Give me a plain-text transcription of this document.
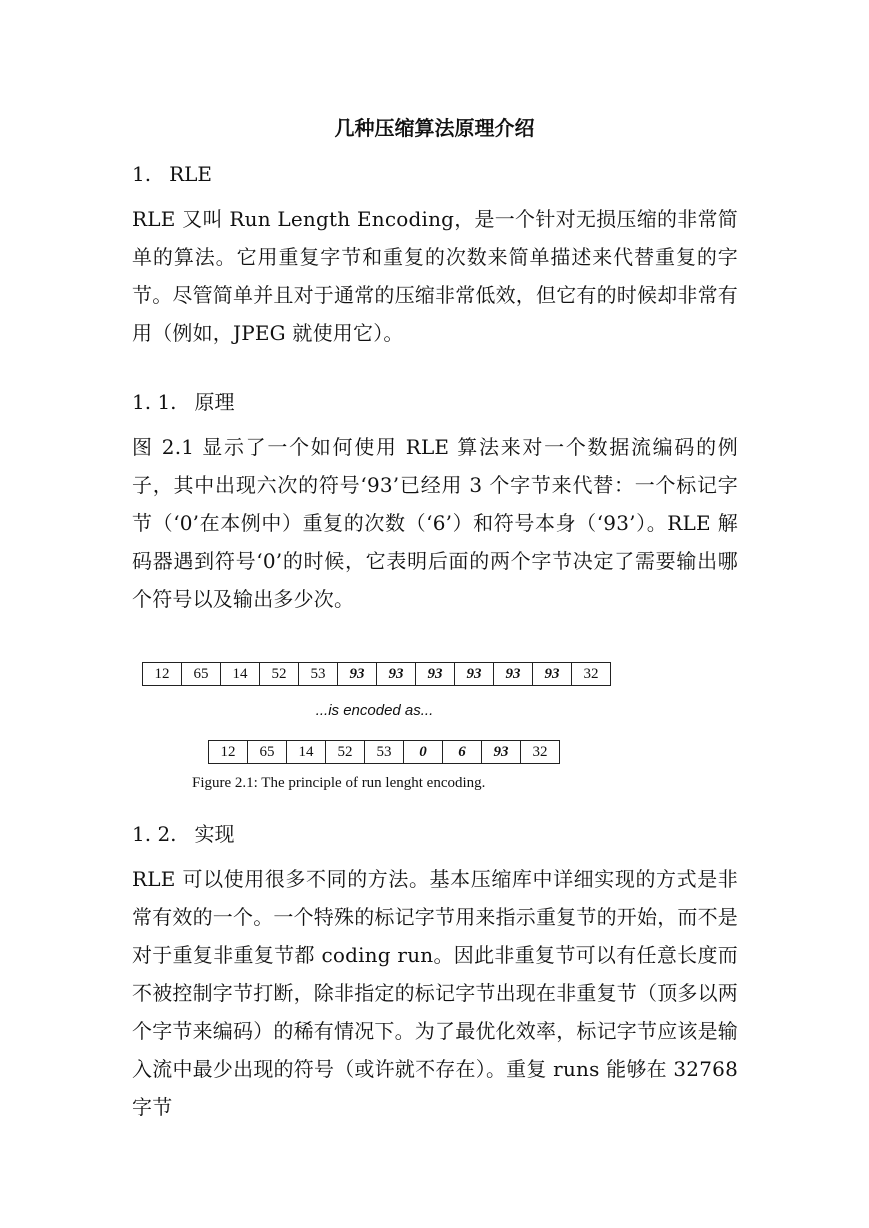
几种压缩算法原理介绍
1. RLE
RLE 又叫 Run Length Encoding，是一个针对无损压缩的非常简单的算法。它用重复字节和重复的次数来简单描述来代替重复的字节。尽管简单并且对于通常的压缩非常低效，但它有的时候却非常有用（例如，JPEG 就使用它）。
1. 1. 原理
图 2.1 显示了一个如何使用 RLE 算法来对一个数据流编码的例子，其中出现六次的符号‘93’已经用 3 个字节来代替：一个标记字节（‘0’在本例中）重复的次数（‘6’）和符号本身（‘93’）。RLE 解码器遇到符号‘0’的时候，它表明后面的两个字节决定了需要输出哪个符号以及输出多少次。
12	65	14	52	53	93	93	93	93	93	93	32
...is encoded as...
12	65	14	52	53	0	6	93	32
Figure 2.1: The principle of run lenght encoding.
1. 2. 实现
RLE 可以使用很多不同的方法。基本压缩库中详细实现的方式是非常有效的一个。一个特殊的标记字节用来指示重复节的开始，而不是对于重复非重复节都 coding run。因此非重复节可以有任意长度而不被控制字节打断，除非指定的标记字节出现在非重复节（顶多以两个字节来编码）的稀有情况下。为了最优化效率，标记字节应该是输入流中最少出现的符号（或许就不存在）。重复 runs 能够在 32768 字节
